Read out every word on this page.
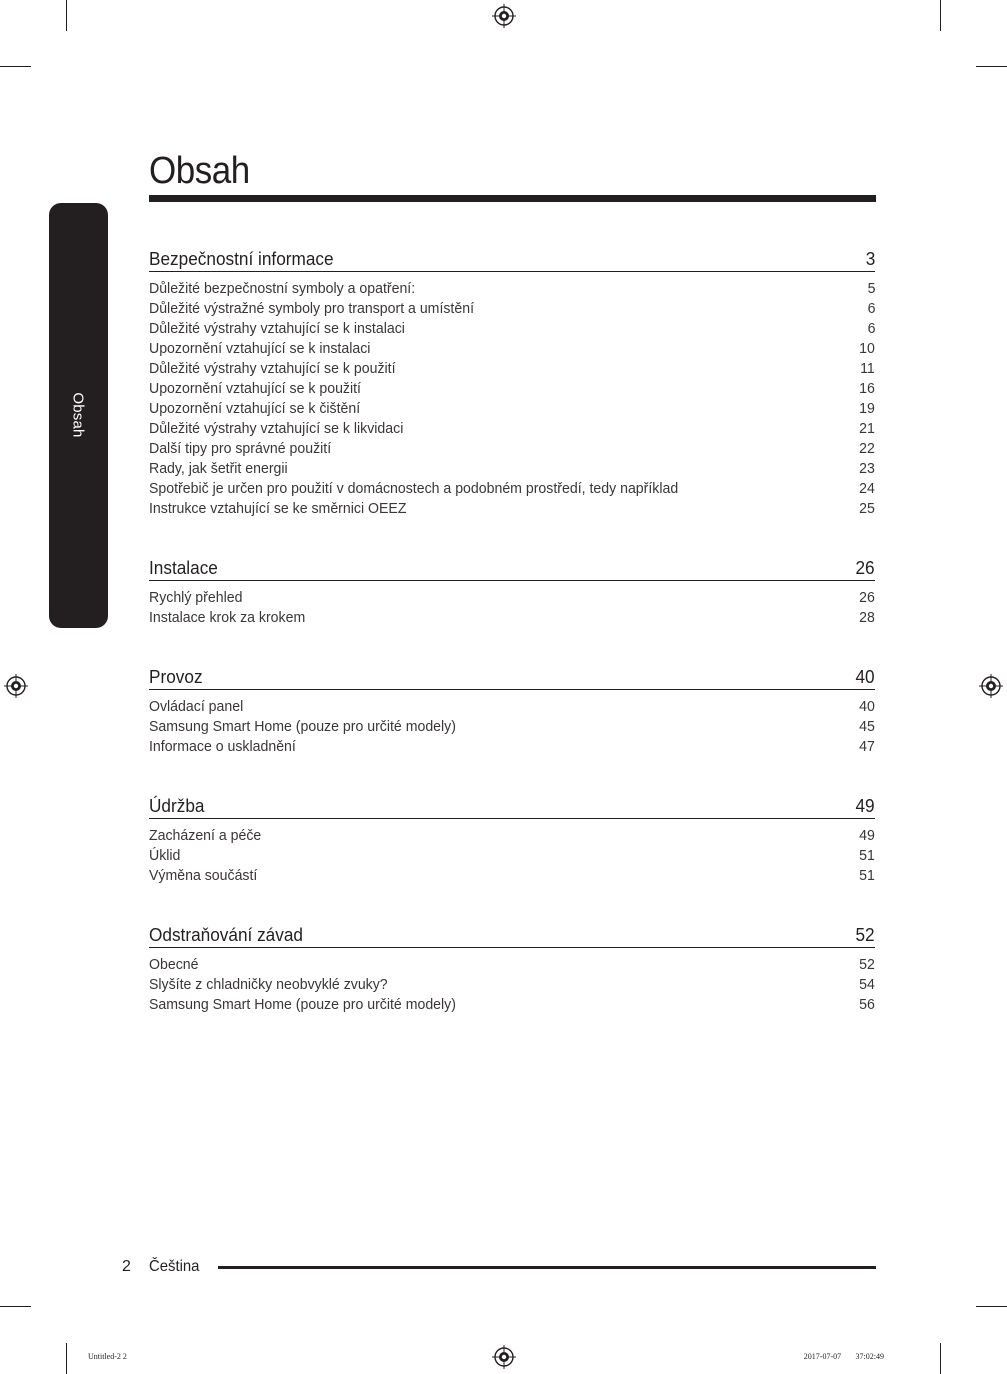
Obsah
Obsah
Bezpečnostní informace	3
Důležité bezpečnostní symboly a opatření:	5
Důležité výstražné symboly pro transport a umístění	6
Důležité výstrahy vztahující se k instalaci	6
Upozornění vztahující se k instalaci	10
Důležité výstrahy vztahující se k použití	11
Upozornění vztahující se k použití	16
Upozornění vztahující se k čištění	19
Důležité výstrahy vztahující se k likvidaci	21
Další tipy pro správné použití	22
Rady, jak šetřit energii	23
Spotřebič je určen pro použití v domácnostech a podobném prostředí, tedy například	24
Instrukce vztahující se ke směrnici OEEZ	25
Instalace	26
Rychlý přehled	26
Instalace krok za krokem	28
Provoz	40
Ovládací panel	40
Samsung Smart Home (pouze pro určité modely)	45
Informace o uskladnění	47
Údržba	49
Zacházení a péče	49
Úklid	51
Výměna součástí	51
Odstraňování závad	52
Obecné	52
Slyšíte z chladničky neobvyklé zvuky?	54
Samsung Smart Home (pouze pro určité modely)	56
2 Čeština
Untitled-2 2	2017-07-07   37:02:49
